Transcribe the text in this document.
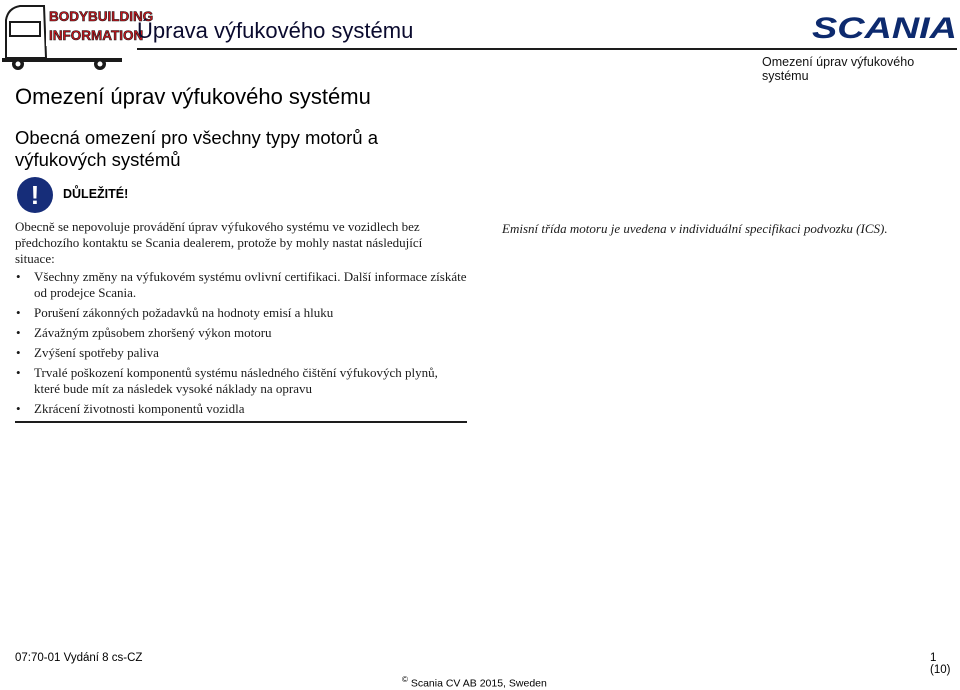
BODYBUILDING
INFORMATION
Úprava výfukového systému	SCANIA
Omezení úprav výfukového systému
Omezení úprav výfukového systému
Obecná omezení pro všechny typy motorů a výfukových systémů
!	DŮLEŽITÉ!
Obecně se nepovoluje provádění úprav výfukového systému ve vozidlech bez předchozího kontaktu se Scania dealerem, protože by mohly nastat následující situace:
• Všechny změny na výfukovém systému ovlivní certifikaci. Další informace získáte od prodejce Scania.
• Porušení zákonných požadavků na hodnoty emisí a hluku
• Závažným způsobem zhoršený výkon motoru
• Zvýšení spotřeby paliva
• Trvalé poškození komponentů systému následného čištění výfukových plynů, které bude mít za následek vysoké náklady na opravu
• Zkrácení životnosti komponentů vozidla
Emisní třída motoru je uvedena v individuální specifikaci podvozku (ICS).
07:70-01 Vydání 8 cs-CZ	1 (10)
© Scania CV AB 2015, Sweden
